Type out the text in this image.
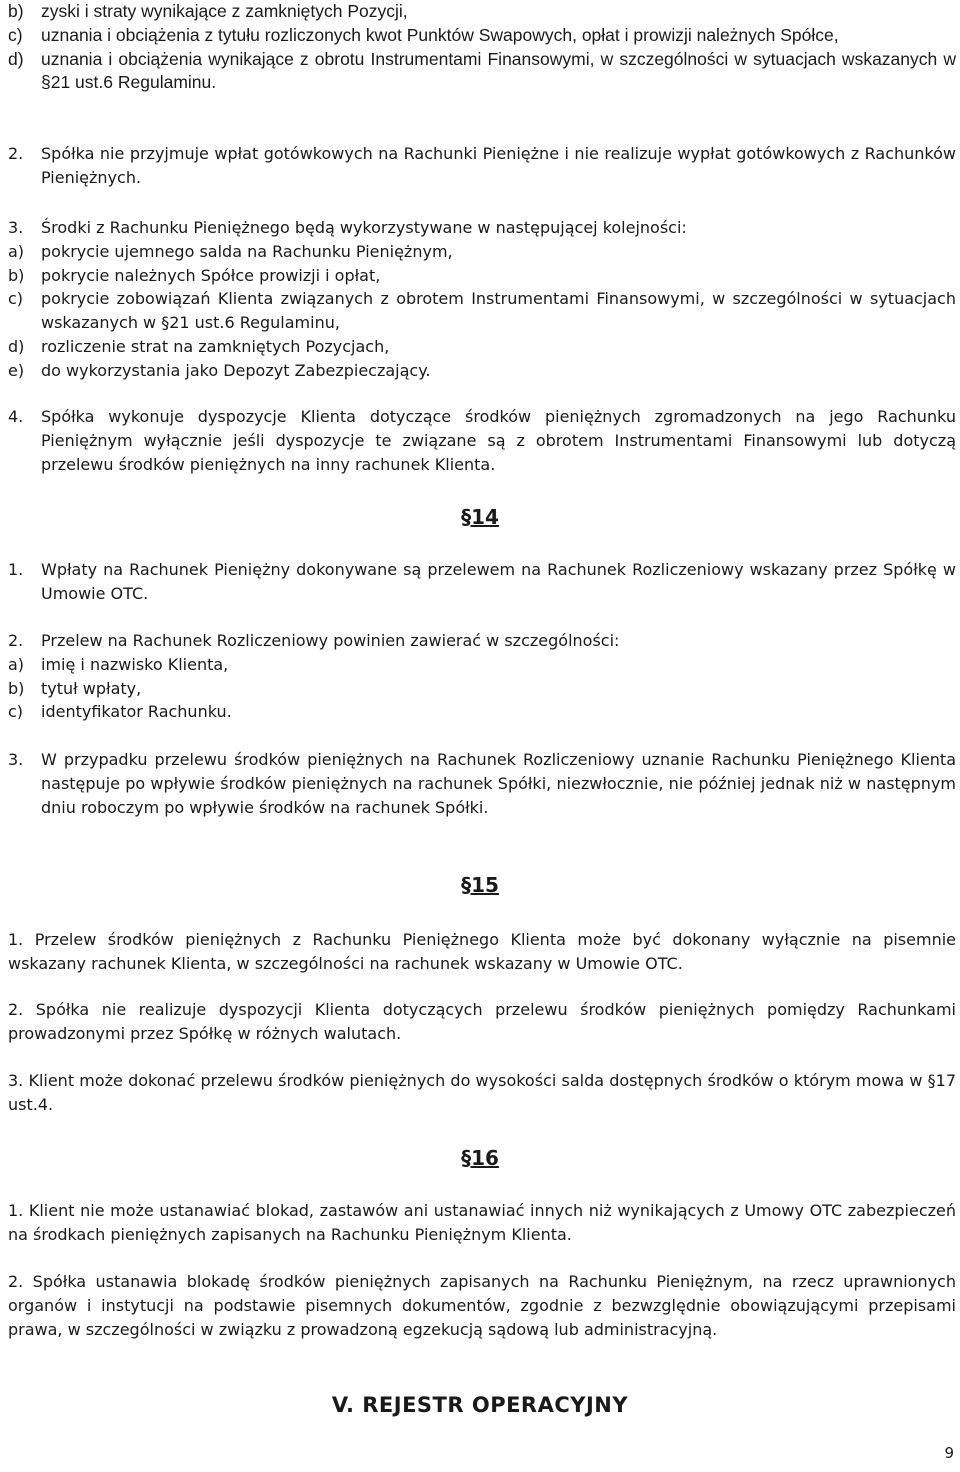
b) zyski i straty wynikające z zamkniętych Pozycji,
c)	uznania i obciążenia z tytułu rozliczonych kwot Punktów Swapowych, opłat i prowizji należnych Spółce,
d) uznania i obciążenia wynikające z obrotu Instrumentami Finansowymi, w szczególności w sytuacjach wskazanych w §21 ust.6 Regulaminu.
2.	Spółka nie przyjmuje wpłat gotówkowych na Rachunki Pieniężne i nie realizuje wypłat gotówkowych z Rachunków Pieniężnych.
3.	Środki z Rachunku Pieniężnego będą wykorzystywane w następującej kolejności:
a)	pokrycie ujemnego salda na Rachunku Pieniężnym,
b)	pokrycie należnych Spółce prowizji i opłat,
c)	pokrycie zobowiązań Klienta związanych z obrotem Instrumentami Finansowymi, w szczególności w sytuacjach wskazanych w §21 ust.6 Regulaminu,
d)	rozliczenie strat na zamkniętych Pozycjach,
e)	do wykorzystania jako Depozyt Zabezpieczający.
4.	Spółka wykonuje dyspozycje Klienta dotyczące środków pieniężnych zgromadzonych na jego Rachunku Pieniężnym wyłącznie jeśli dyspozycje te związane są z obrotem Instrumentami Finansowymi lub dotyczą przelewu środków pieniężnych na inny rachunek Klienta.
§14
1.	Wpłaty na Rachunek Pieniężny dokonywane są przelewem na Rachunek Rozliczeniowy wskazany przez Spółkę w Umowie OTC.
2.	Przelew na Rachunek Rozliczeniowy powinien zawierać w szczególności:
a)	imię i nazwisko Klienta,
b)	tytuł wpłaty,
c)	identyfikator Rachunku.
3.	W przypadku przelewu środków pieniężnych na Rachunek Rozliczeniowy uznanie Rachunku Pieniężnego Klienta następuje po wpływie środków pieniężnych na rachunek Spółki, niezwłocznie, nie później jednak niż w następnym dniu roboczym po wpływie środków na rachunek Spółki.
§15
1. Przelew środków pieniężnych z Rachunku Pieniężnego Klienta może być dokonany wyłącznie na pisemnie wskazany rachunek Klienta, w szczególności na rachunek wskazany w Umowie OTC.
2. Spółka nie realizuje dyspozycji Klienta dotyczących przelewu środków pieniężnych pomiędzy Rachunkami prowadzonymi przez Spółkę w różnych walutach.
3. Klient może dokonać przelewu środków pieniężnych do wysokości salda dostępnych środków o którym mowa w §17 ust.4.
§16
1. Klient nie może ustanawiać blokad, zastawów ani ustanawiać innych niż wynikających z Umowy OTC zabezpieczeń na środkach pieniężnych zapisanych na Rachunku Pieniężnym Klienta.
2. Spółka ustanawia blokadę środków pieniężnych zapisanych na Rachunku Pieniężnym, na rzecz uprawnionych organów i instytucji na podstawie pisemnych dokumentów, zgodnie z bezwzględnie obowiązującymi przepisami prawa, w szczególności w związku z prowadzoną egzekucją sądową lub administracyjną.
V. REJESTR OPERACYJNY
9
